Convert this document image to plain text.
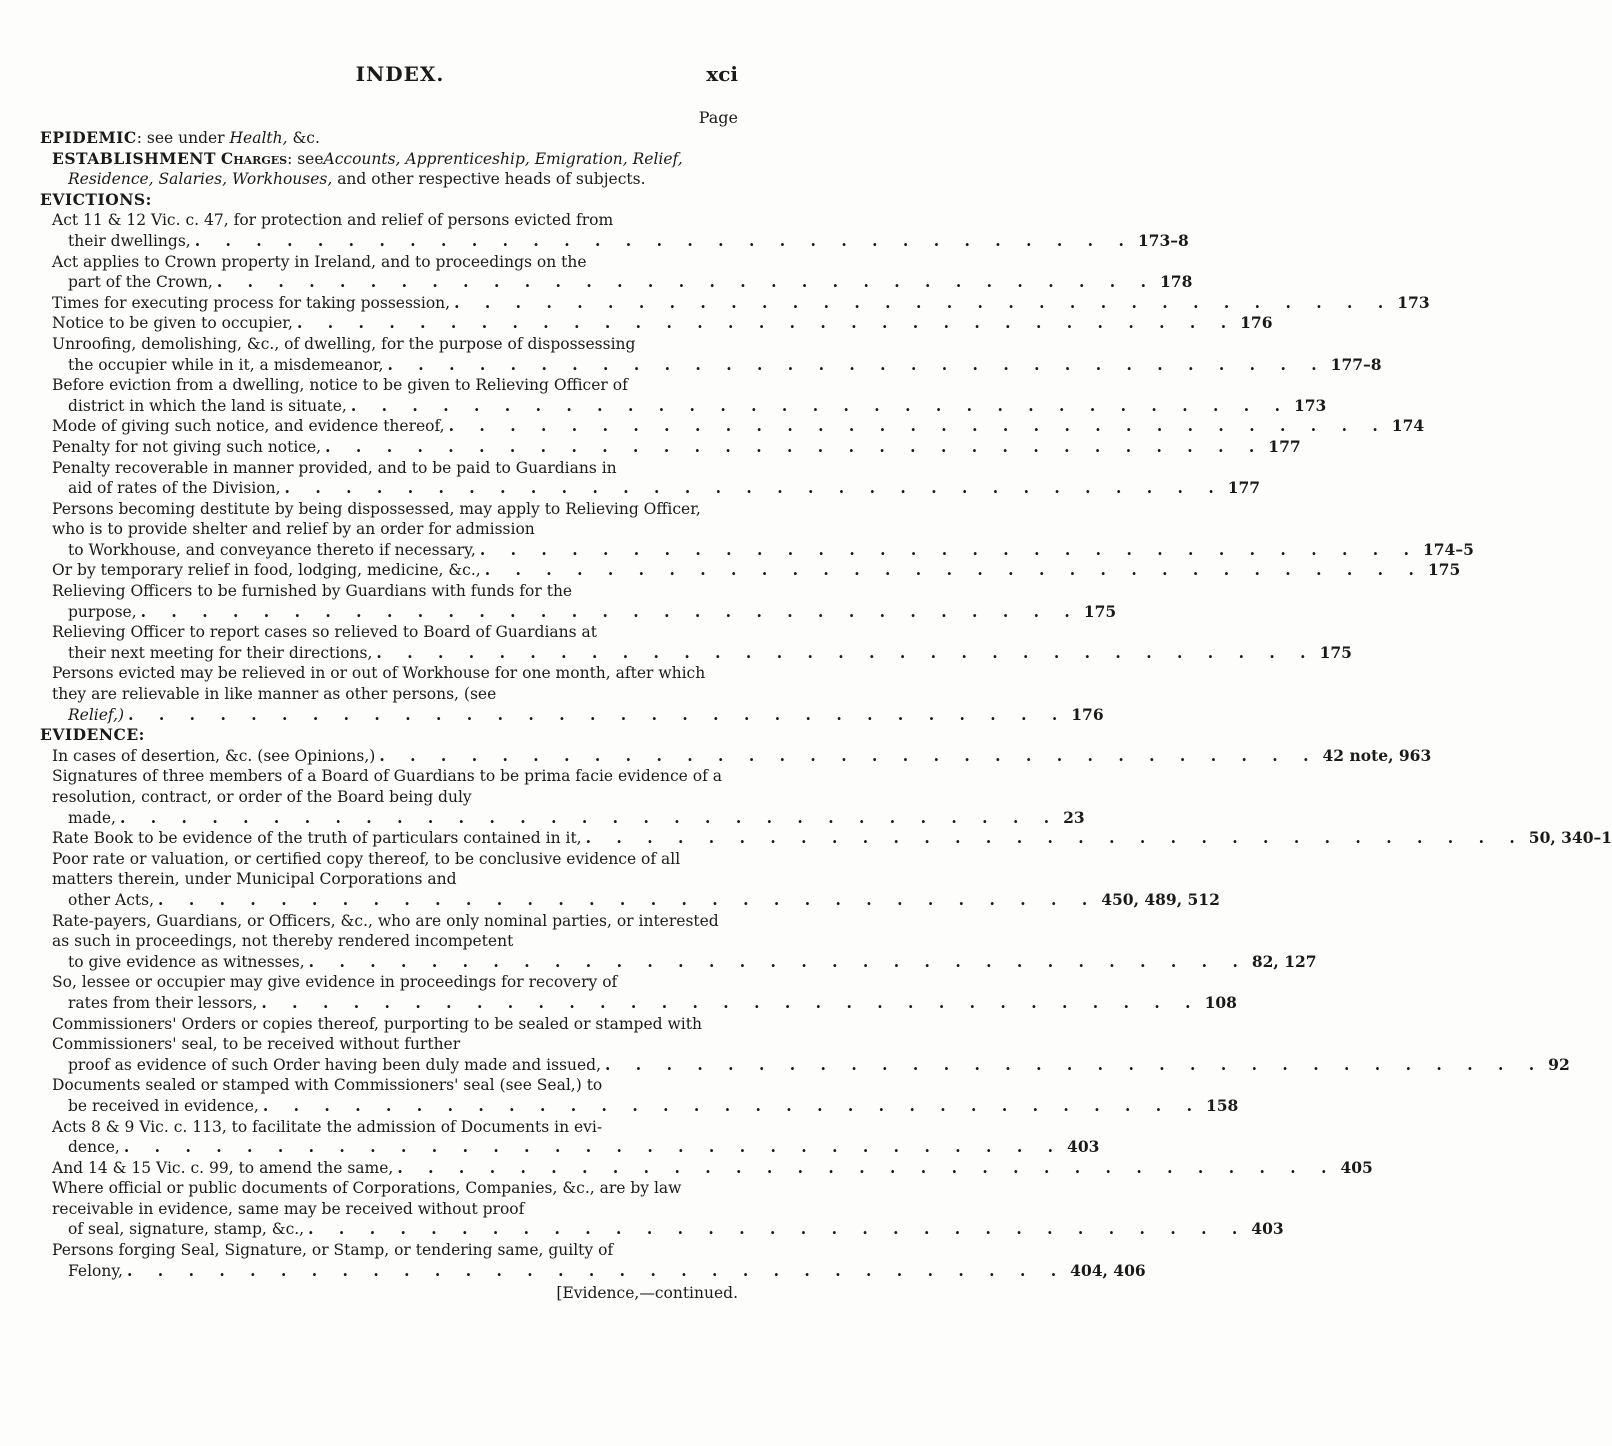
INDEX.	xci
Page

EPIDEMIC: see under Health, &c.

ESTABLISHMENT Charges: seeAccounts, Apprenticeship, Emigration, Relief, Residence, Salaries, Workhouses, and other respective heads of subjects.

EVICTIONS:

Act 11 & 12 Vic. c. 47, for protection and relief of persons evicted from
their dwellings, . . . . . . . . . . . . . . . . . . . . . . . . . . . . . . . 173–8
Act applies to Crown property in Ireland, and to proceedings on the
part of the Crown, . . . . . . . . . . . . . . . . . . . . . . . . . . . . . . . 178
Times for executing process for taking possession, . . . . . . . . . . . . . . . . . . . . . . . . . . . . . . . 173
Notice to be given to occupier, . . . . . . . . . . . . . . . . . . . . . . . . . . . . . . . 176
Unroofing, demolishing, &c., of dwelling, for the purpose of dispossessing
the occupier while in it, a misdemeanor, . . . . . . . . . . . . . . . . . . . . . . . . . . . . . . . 177–8
Before eviction from a dwelling, notice to be given to Relieving Officer of
district in which the land is situate, . . . . . . . . . . . . . . . . . . . . . . . . . . . . . . . 173
Mode of giving such notice, and evidence thereof, . . . . . . . . . . . . . . . . . . . . . . . . . . . . . . . 174
Penalty for not giving such notice, . . . . . . . . . . . . . . . . . . . . . . . . . . . . . . . 177
Penalty recoverable in manner provided, and to be paid to Guardians in
aid of rates of the Division, . . . . . . . . . . . . . . . . . . . . . . . . . . . . . . . 177
Persons becoming destitute by being dispossessed, may apply to Relieving Officer, who is to provide shelter and relief by an order for admission
to Workhouse, and conveyance thereto if necessary, . . . . . . . . . . . . . . . . . . . . . . . . . . . . . . . 174–5
Or by temporary relief in food, lodging, medicine, &c., . . . . . . . . . . . . . . . . . . . . . . . . . . . . . . . 175
Relieving Officers to be furnished by Guardians with funds for the
purpose, . . . . . . . . . . . . . . . . . . . . . . . . . . . . . . . 175
Relieving Officer to report cases so relieved to Board of Guardians at
their next meeting for their directions, . . . . . . . . . . . . . . . . . . . . . . . . . . . . . . . 175
Persons evicted may be relieved in or out of Workhouse for one month, after which they are relievable in like manner as other persons, (see
Relief,) . . . . . . . . . . . . . . . . . . . . . . . . . . . . . . . 176

EVIDENCE:

In cases of desertion, &c. (see Opinions,) . . . . . . . . . . . . . . . . . . . . . . . . . . . . . . . 42 note, 963
Signatures of three members of a Board of Guardians to be prima facie evidence of a resolution, contract, or order of the Board being duly
made, . . . . . . . . . . . . . . . . . . . . . . . . . . . . . . . 23
Rate Book to be evidence of the truth of particulars contained in it, . . . . . . . . . . . . . . . . . . . . . . . . . . . . . . . 50, 340–1
Poor rate or valuation, or certified copy thereof, to be conclusive evidence of all matters therein, under Municipal Corporations and
other Acts, . . . . . . . . . . . . . . . . . . . . . . . . . . . . . . . 450, 489, 512
Rate-payers, Guardians, or Officers, &c., who are only nominal parties, or interested as such in proceedings, not thereby rendered incompetent
to give evidence as witnesses, . . . . . . . . . . . . . . . . . . . . . . . . . . . . . . . 82, 127
So, lessee or occupier may give evidence in proceedings for recovery of
rates from their lessors, . . . . . . . . . . . . . . . . . . . . . . . . . . . . . . . 108
Commissioners' Orders or copies thereof, purporting to be sealed or stamped with Commissioners' seal, to be received without further
proof as evidence of such Order having been duly made and issued, . . . . . . . . . . . . . . . . . . . . . . . . . . . . . . . 92
Documents sealed or stamped with Commissioners' seal (see Seal,) to
be received in evidence, . . . . . . . . . . . . . . . . . . . . . . . . . . . . . . . 158
Acts 8 & 9 Vic. c. 113, to facilitate the admission of Documents in evi-
dence, . . . . . . . . . . . . . . . . . . . . . . . . . . . . . . . 403
And 14 & 15 Vic. c. 99, to amend the same, . . . . . . . . . . . . . . . . . . . . . . . . . . . . . . . 405
Where official or public documents of Corporations, Companies, &c., are by law receivable in evidence, same may be received without proof
of seal, signature, stamp, &c., . . . . . . . . . . . . . . . . . . . . . . . . . . . . . . . 403
Persons forging Seal, Signature, or Stamp, or tendering same, guilty of
Felony, . . . . . . . . . . . . . . . . . . . . . . . . . . . . . . . 404, 406

[Evidence,—continued.
